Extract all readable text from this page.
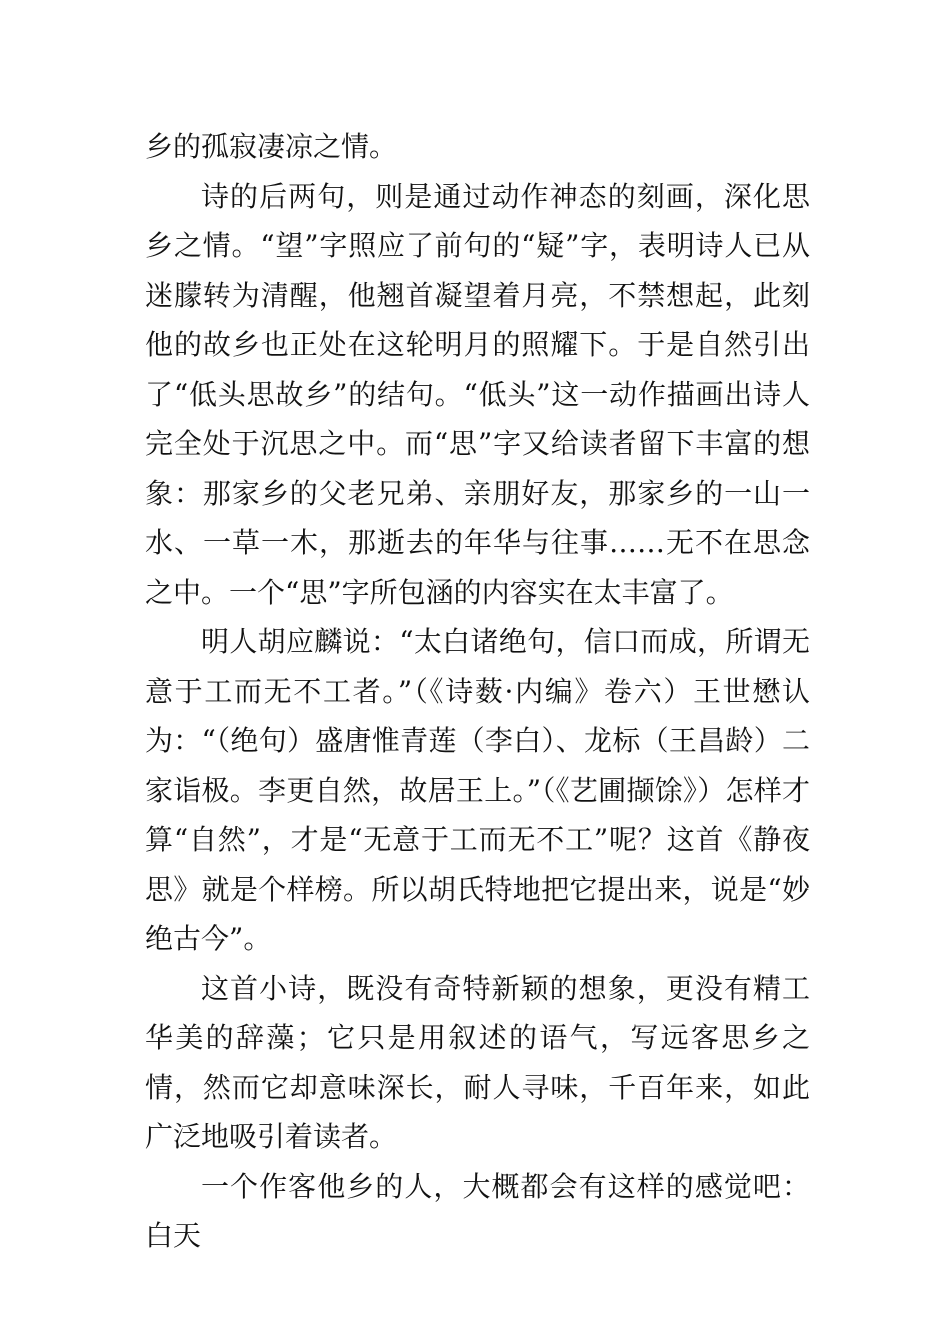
乡的孤寂凄凉之情。

诗的后两句，则是通过动作神态的刻画，深化思乡之情。“望”字照应了前句的“疑”字，表明诗人已从迷朦转为清醒，他翘首凝望着月亮，不禁想起，此刻他的故乡也正处在这轮明月的照耀下。于是自然引出了“低头思故乡”的结句。“低头”这一动作描画出诗人完全处于沉思之中。而“思”字又给读者留下丰富的想象：那家乡的父老兄弟、亲朋好友，那家乡的一山一水、一草一木，那逝去的年华与往事……无不在思念之中。一个“思”字所包涵的内容实在太丰富了。

明人胡应麟说：“太白诸绝句，信口而成，所谓无意于工而无不工者。”（《诗薮·内编》卷六）王世懋认为：“（绝句）盛唐惟青莲（李白）、龙标（王昌龄）二家诣极。李更自然，故居王上。”（《艺圃撷馀》）怎样才算“自然”，才是“无意于工而无不工”呢？这首《静夜思》就是个样榜。所以胡氏特地把它提出来，说是“妙绝古今”。

这首小诗，既没有奇特新颖的想象，更没有精工华美的辞藻；它只是用叙述的语气，写远客思乡之情，然而它却意味深长，耐人寻味，千百年来，如此广泛地吸引着读者。

一个作客他乡的人，大概都会有这样的感觉吧：白天
